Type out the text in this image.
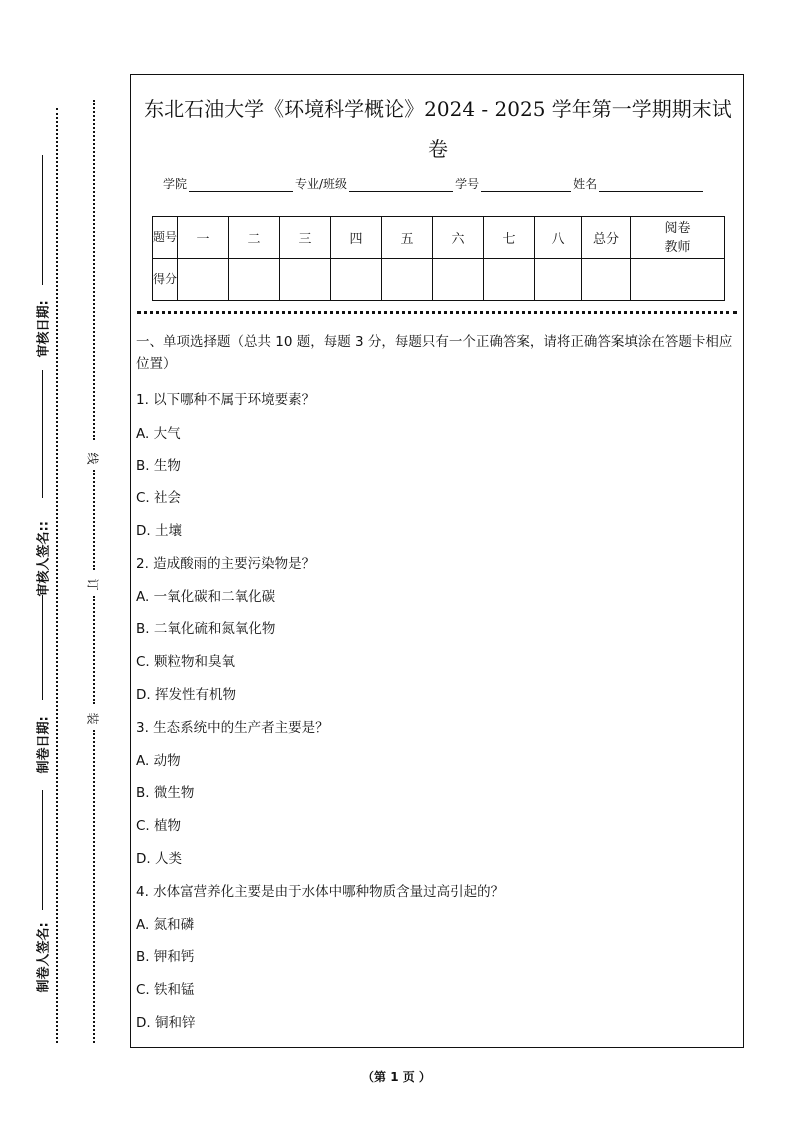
审核日期:
审核人签名::
制卷日期:
制卷人签名:
线
订
装
东北石油大学《环境科学概论》2024 - 2025 学年第一学期期末试
卷
学院	专业/班级	学号	姓名
题号	一	二	三	四	五	六	七	八	总分	阅卷教师
得分										
一、单项选择题（总共 10 题，每题 3 分，每题只有一个正确答案，请将正确答案填涂在答题卡相应位置）
1. 以下哪种不属于环境要素？
A. 大气
B. 生物
C. 社会
D. 土壤
2. 造成酸雨的主要污染物是？
A. 一氧化碳和二氧化碳
B. 二氧化硫和氮氧化物
C. 颗粒物和臭氧
D. 挥发性有机物
3. 生态系统中的生产者主要是？
A. 动物
B. 微生物
C. 植物
D. 人类
4. 水体富营养化主要是由于水体中哪种物质含量过高引起的？
A. 氮和磷
B. 钾和钙
C. 铁和锰
D. 铜和锌
（第 1 页 ）
